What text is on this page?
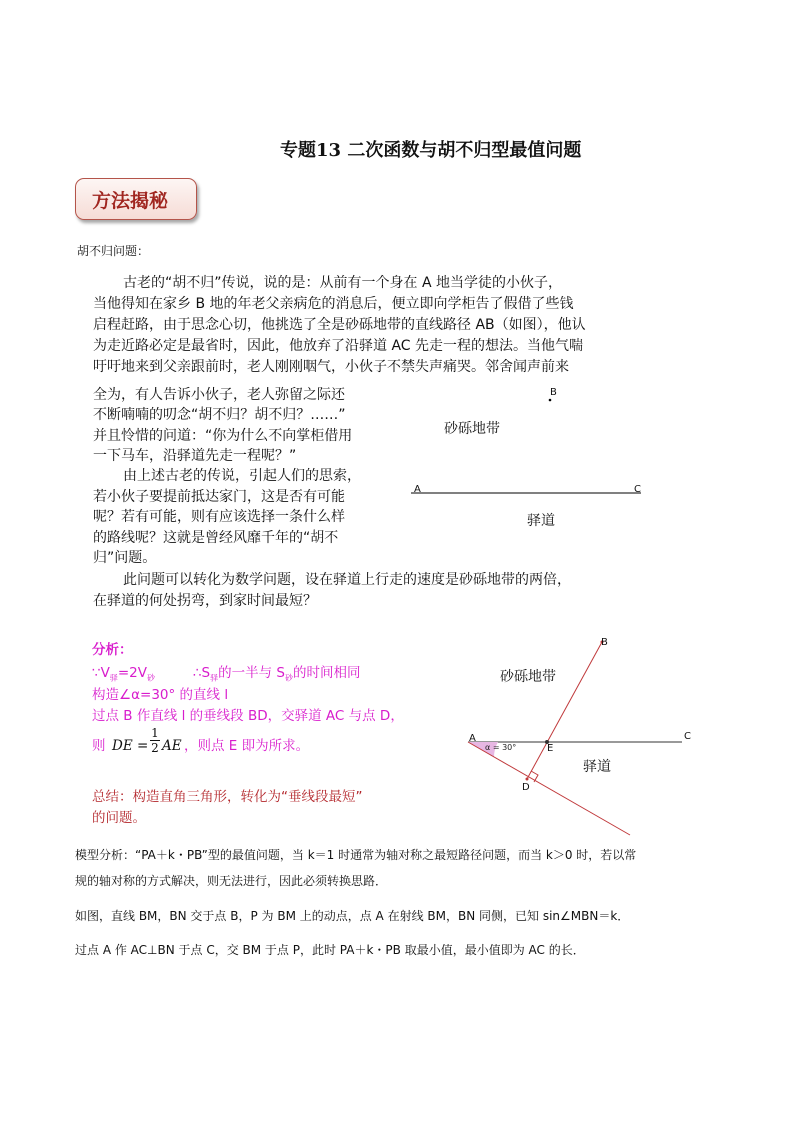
专题13 二次函数与胡不归型最值问题
方法揭秘
胡不归问题：
古老的“胡不归”传说，说的是：从前有一个身在 A 地当学徒的小伙子，
当他得知在家乡 B 地的年老父亲病危的消息后，便立即向学柜告了假借了些钱
启程赶路，由于思念心切，他挑选了全是砂砾地带的直线路径 AB（如图），他认
为走近路必定是最省时，因此，他放弃了沿驿道 AC 先走一程的想法。当他气喘
吁吁地来到父亲跟前时，老人刚刚咽气，小伙子不禁失声痛哭。邻舍闻声前来
全为，有人告诉小伙子，老人弥留之际还
不断喃喃的叨念“胡不归？胡不归？……”
并且怜惜的问道：“你为什么不向掌柜借用
一下马车，沿驿道先走一程呢？”
由上述古老的传说，引起人们的思索，
若小伙子要提前抵达家门，这是否有可能
呢？若有可能，则有应该选择一条什么样
的路线呢？这就是曾经风靡千年的“胡不
归”问题。
此问题可以转化为数学问题，设在驿道上行走的速度是砂砾地带的两倍，
在驿道的何处拐弯，到家时间最短？
B
A	C
砂砾地带
驿道
分析：
$\because V_驿=2V_砂$	$\therefore S_驿$的一半与 $S_砂$的时间相同
构造∠α=30° 的直线 l
过点 B 作直线 l 的垂线段 BD，交驿道 AC 与点 D，
则 DE = $\frac{1}{2}$ AE ，则点 E 即为所求。
总结：构造直角三角形，转化为“垂线段最短”
的问题。
B
A	C
E
D
α = 30°
砂砾地带
驿道
模型分析：“PA＋k・PB”型的最值问题，当 k＝1 时通常为轴对称之最短路径问题，而当 k＞0 时，若以常
规的轴对称的方式解决，则无法进行，因此必须转换思路．
如图，直线 BM，BN 交于点 B，P 为 BM 上的动点，点 A 在射线 BM，BN 同侧，已知 sin∠MBN＝k．
过点 A 作 AC⊥BN 于点 C，交 BM 于点 P，此时 PA＋k・PB 取最小值，最小值即为 AC 的长．
